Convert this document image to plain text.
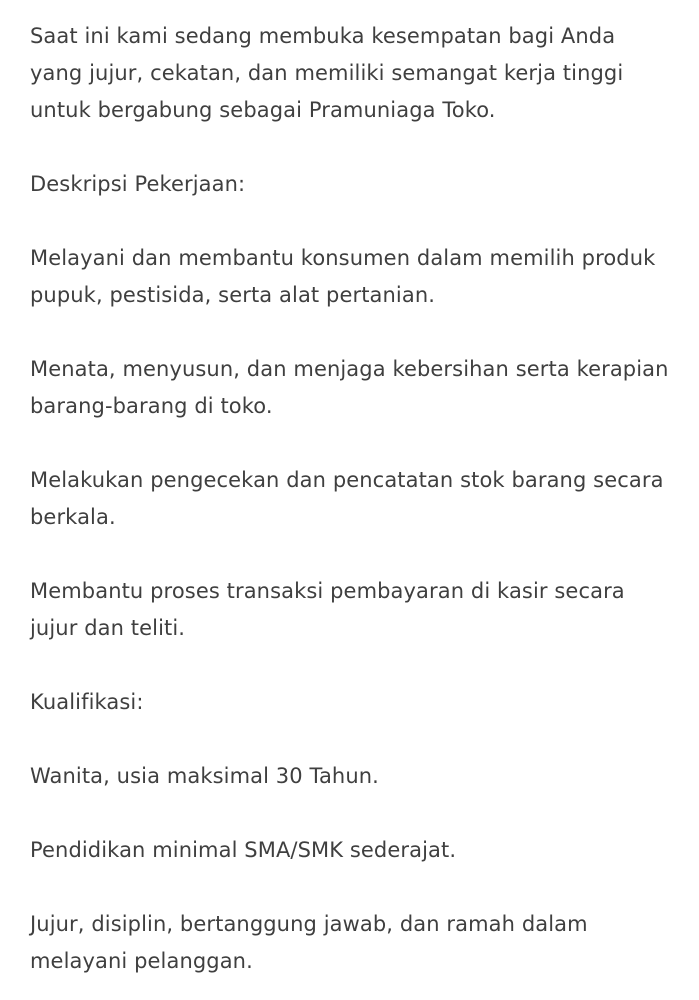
Saat ini kami sedang membuka kesempatan bagi Anda yang jujur, cekatan, dan memiliki semangat kerja tinggi untuk bergabung sebagai Pramuniaga Toko.

Deskripsi Pekerjaan:

Melayani dan membantu konsumen dalam memilih produk pupuk, pestisida, serta alat pertanian.

Menata, menyusun, dan menjaga kebersihan serta kerapian barang-barang di toko.

Melakukan pengecekan dan pencatatan stok barang secara berkala.

Membantu proses transaksi pembayaran di kasir secara jujur dan teliti.

Kualifikasi:

Wanita, usia maksimal 30 Tahun.

Pendidikan minimal SMA/SMK sederajat.

Jujur, disiplin, bertanggung jawab, dan ramah dalam melayani pelanggan.
